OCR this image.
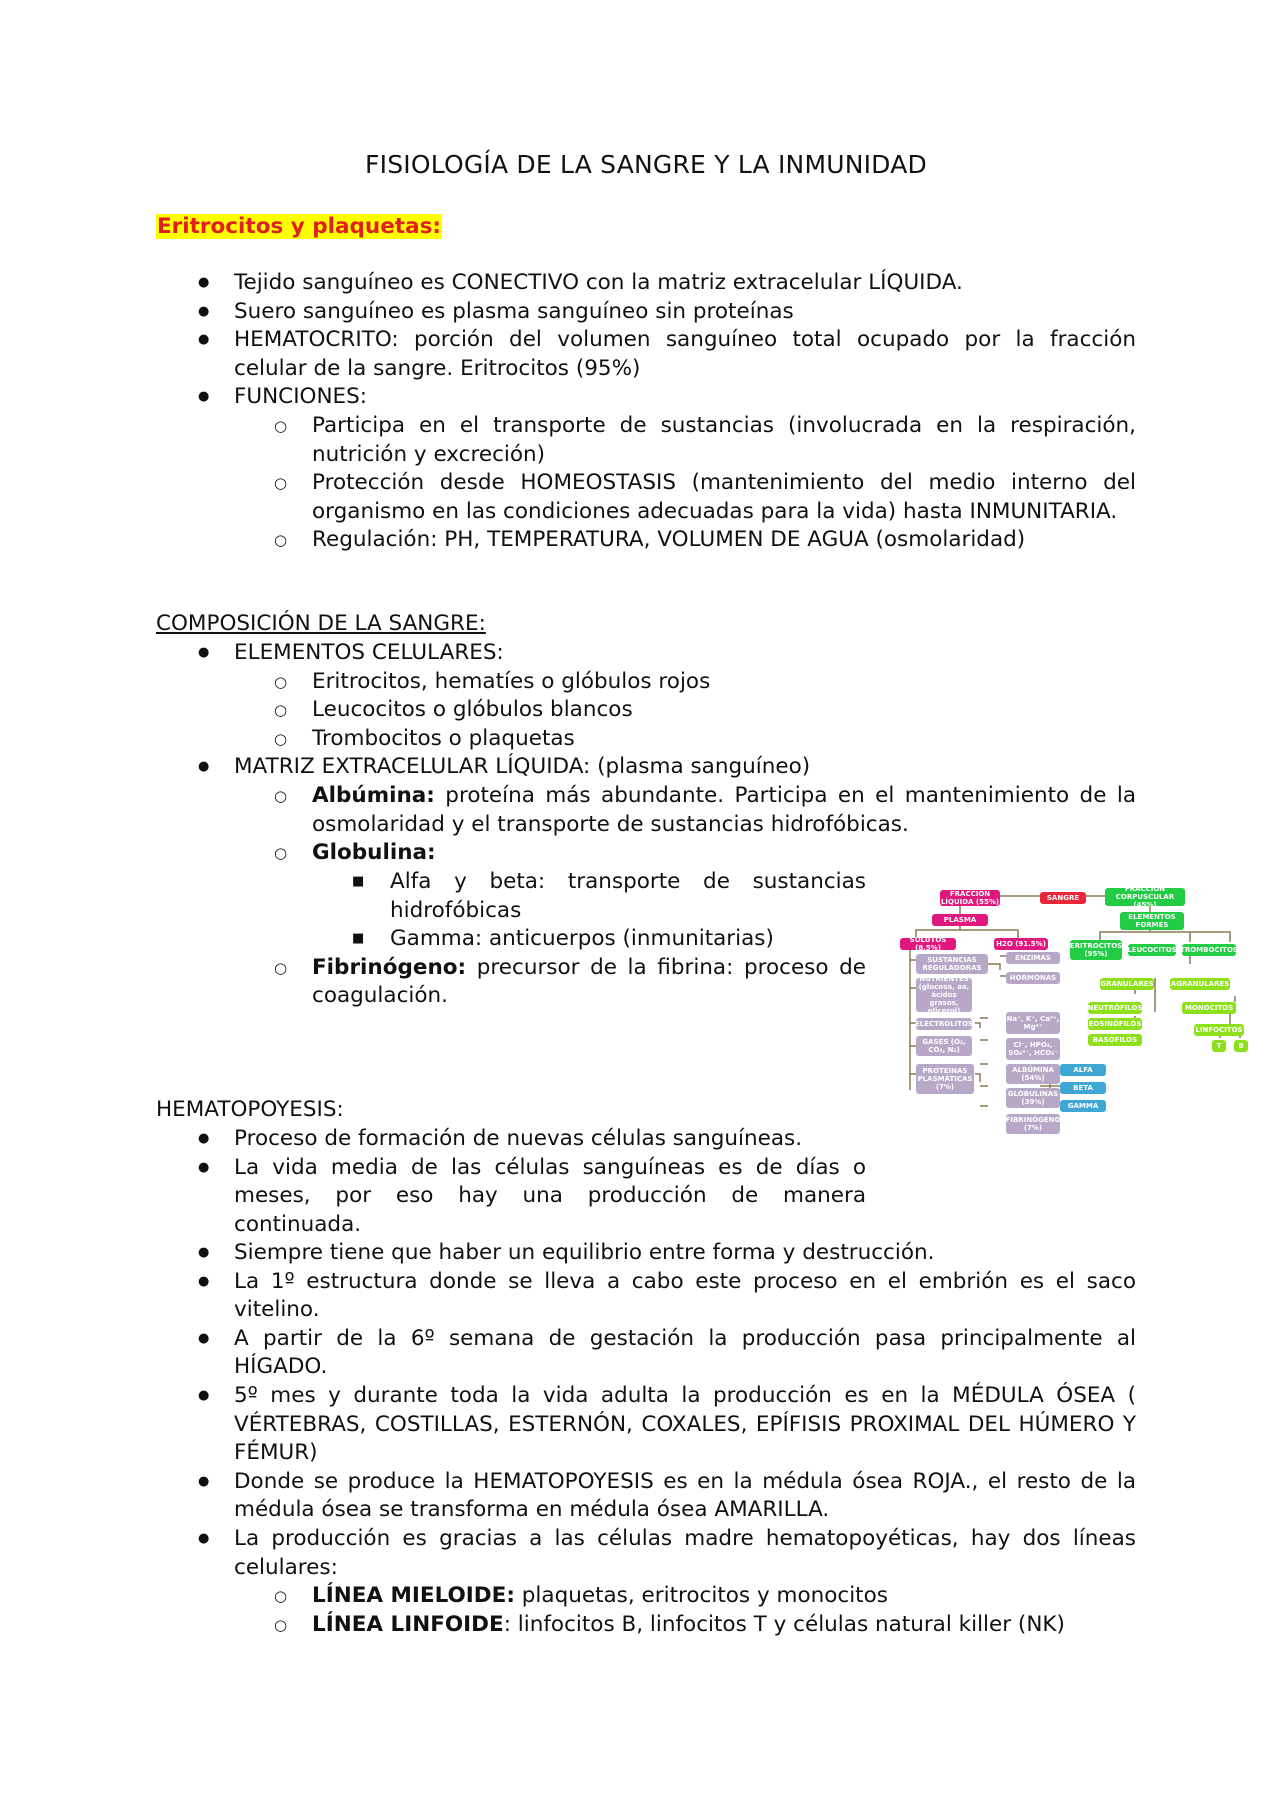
FISIOLOGÍA DE LA SANGRE Y LA INMUNIDAD
Eritrocitos y plaquetas:
● Tejido sanguíneo es CONECTIVO con la matriz extracelular LÍQUIDA.
● Suero sanguíneo es plasma sanguíneo sin proteínas
● HEMATOCRITO: porción del volumen sanguíneo total ocupado por la fracción celular de la sangre. Eritrocitos (95%)
● FUNCIONES:
○ Participa en el transporte de sustancias (involucrada en la respiración, nutrición y excreción)
○ Protección desde HOMEOSTASIS (mantenimiento del medio interno del organismo en las condiciones adecuadas para la vida) hasta INMUNITARIA.
○ Regulación: PH, TEMPERATURA, VOLUMEN DE AGUA (osmolaridad)
COMPOSICIÓN DE LA SANGRE:
● ELEMENTOS CELULARES:
○ Eritrocitos, hematíes o glóbulos rojos
○ Leucocitos o glóbulos blancos
○ Trombocitos o plaquetas
● MATRIZ EXTRACELULAR LÍQUIDA: (plasma sanguíneo)
○ Albúmina: proteína más abundante. Participa en el mantenimiento de la osmolaridad y el transporte de sustancias hidrofóbicas.
○ Globulina:
■ Alfa y beta: transporte de sustancias hidrofóbicas
■ Gamma: anticuerpos (inmunitarias)
○ Fibrinógeno: precursor de la fibrina: proceso de coagulación.
HEMATOPOYESIS:
● Proceso de formación de nuevas células sanguíneas.
● La vida media de las células sanguíneas es de días o meses, por eso hay una producción de manera continuada.
● Siempre tiene que haber un equilibrio entre forma y destrucción.
● La 1º estructura donde se lleva a cabo este proceso en el embrión es el saco vitelino.
● A partir de la 6º semana de gestación la producción pasa principalmente al HÍGADO.
● 5º mes y durante toda la vida adulta la producción es en la MÉDULA ÓSEA ( VÉRTEBRAS, COSTILLAS, ESTERNÓN, COXALES, EPÍFISIS PROXIMAL DEL HÚMERO Y FÉMUR)
● Donde se produce la HEMATOPOYESIS es en la médula ósea ROJA., el resto de la médula ósea se transforma en médula ósea AMARILLA.
● La producción es gracias a las células madre hematopoyéticas, hay dos líneas celulares:
○ LÍNEA MIELOIDE: plaquetas, eritrocitos y monocitos
○ LÍNEA LINFOIDE: linfocitos B, linfocitos T y células natural killer (NK)
FRACCIÓN LÍQUIDA (55%)	SANGRE
FRACCIÓN CORPUSCULAR (45%)
PLASMA	ELEMENTOS FORMES
SOLUTOS (8.5%)	H2O (91.5%)	ERITROCITOS (95%)	LEUCOCITOS TROMBOCITOS
SUSTANCIAS REGULADORAS
ENZIMAS
HORMONAS
NUTRIENTES (glucosa, aa, ácidos grasos, glicerol)
GRANULARES AGRANULARES
NEUTRÓFILOS	MONOCITOS
Na⁺, K⁺, Ca²⁺, Mg²⁺	EOSINÓFILOS
ELECTROLITOS
LINFOCITOS
BASÓFILOS
Cl⁻, HPO₄, SO₄²⁻, HCO₃⁻
GASES (O₂, CO₂, N₂)	T	B
ALBÚMINA (54%)
PROTEÍNAS PLASMÁTICAS (7%)
ALFA
BETA
GLOBULINAS (39%)	GAMMA
FIBRINÓGENO (7%)
